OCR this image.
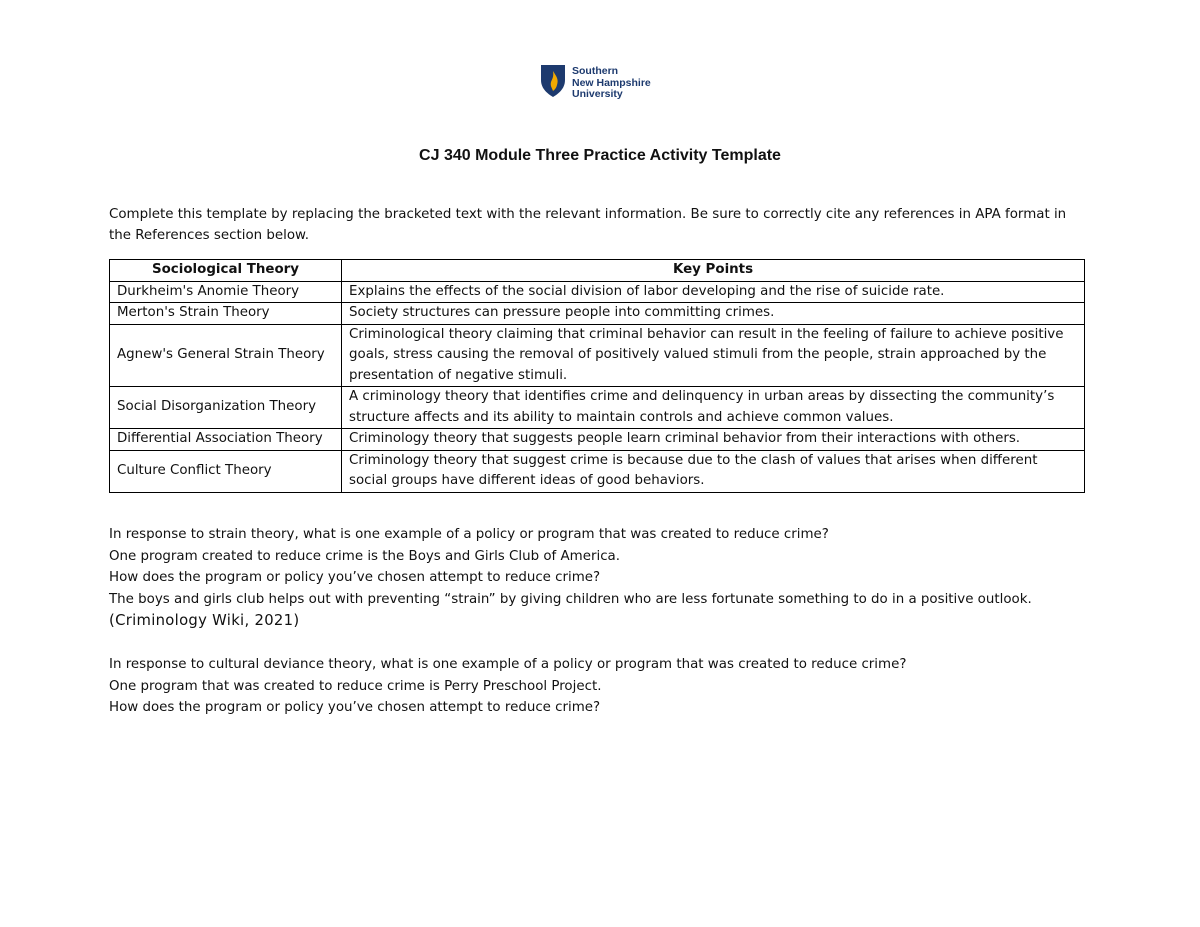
Southern
New Hampshire
University
CJ 340 Module Three Practice Activity Template
Complete this template by replacing the bracketed text with the relevant information. Be sure to correctly cite any references in APA format in the References section below.
Sociological Theory	Key Points
Durkheim's Anomie Theory	Explains the effects of the social division of labor developing and the rise of suicide rate.
Merton's Strain Theory	Society structures can pressure people into committing crimes.
Agnew's General Strain Theory	Criminological theory claiming that criminal behavior can result in the feeling of failure to achieve positive goals, stress causing the removal of positively valued stimuli from the people, strain approached by the presentation of negative stimuli.
Social Disorganization Theory	A criminology theory that identifies crime and delinquency in urban areas by dissecting the community’s structure affects and its ability to maintain controls and achieve common values.
Differential Association Theory	Criminology theory that suggests people learn criminal behavior from their interactions with others.
Culture Conflict Theory	Criminology theory that suggest crime is because due to the clash of values that arises when different social groups have different ideas of good behaviors.

In response to strain theory, what is one example of a policy or program that was created to reduce crime?

One program created to reduce crime is the Boys and Girls Club of America.

How does the program or policy you’ve chosen attempt to reduce crime?

The boys and girls club helps out with preventing “strain” by giving children who are less fortunate something to do in a positive outlook.

(Criminology Wiki, 2021)

In response to cultural deviance theory, what is one example of a policy or program that was created to reduce crime?

One program that was created to reduce crime is Perry Preschool Project.

How does the program or policy you’ve chosen attempt to reduce crime?
